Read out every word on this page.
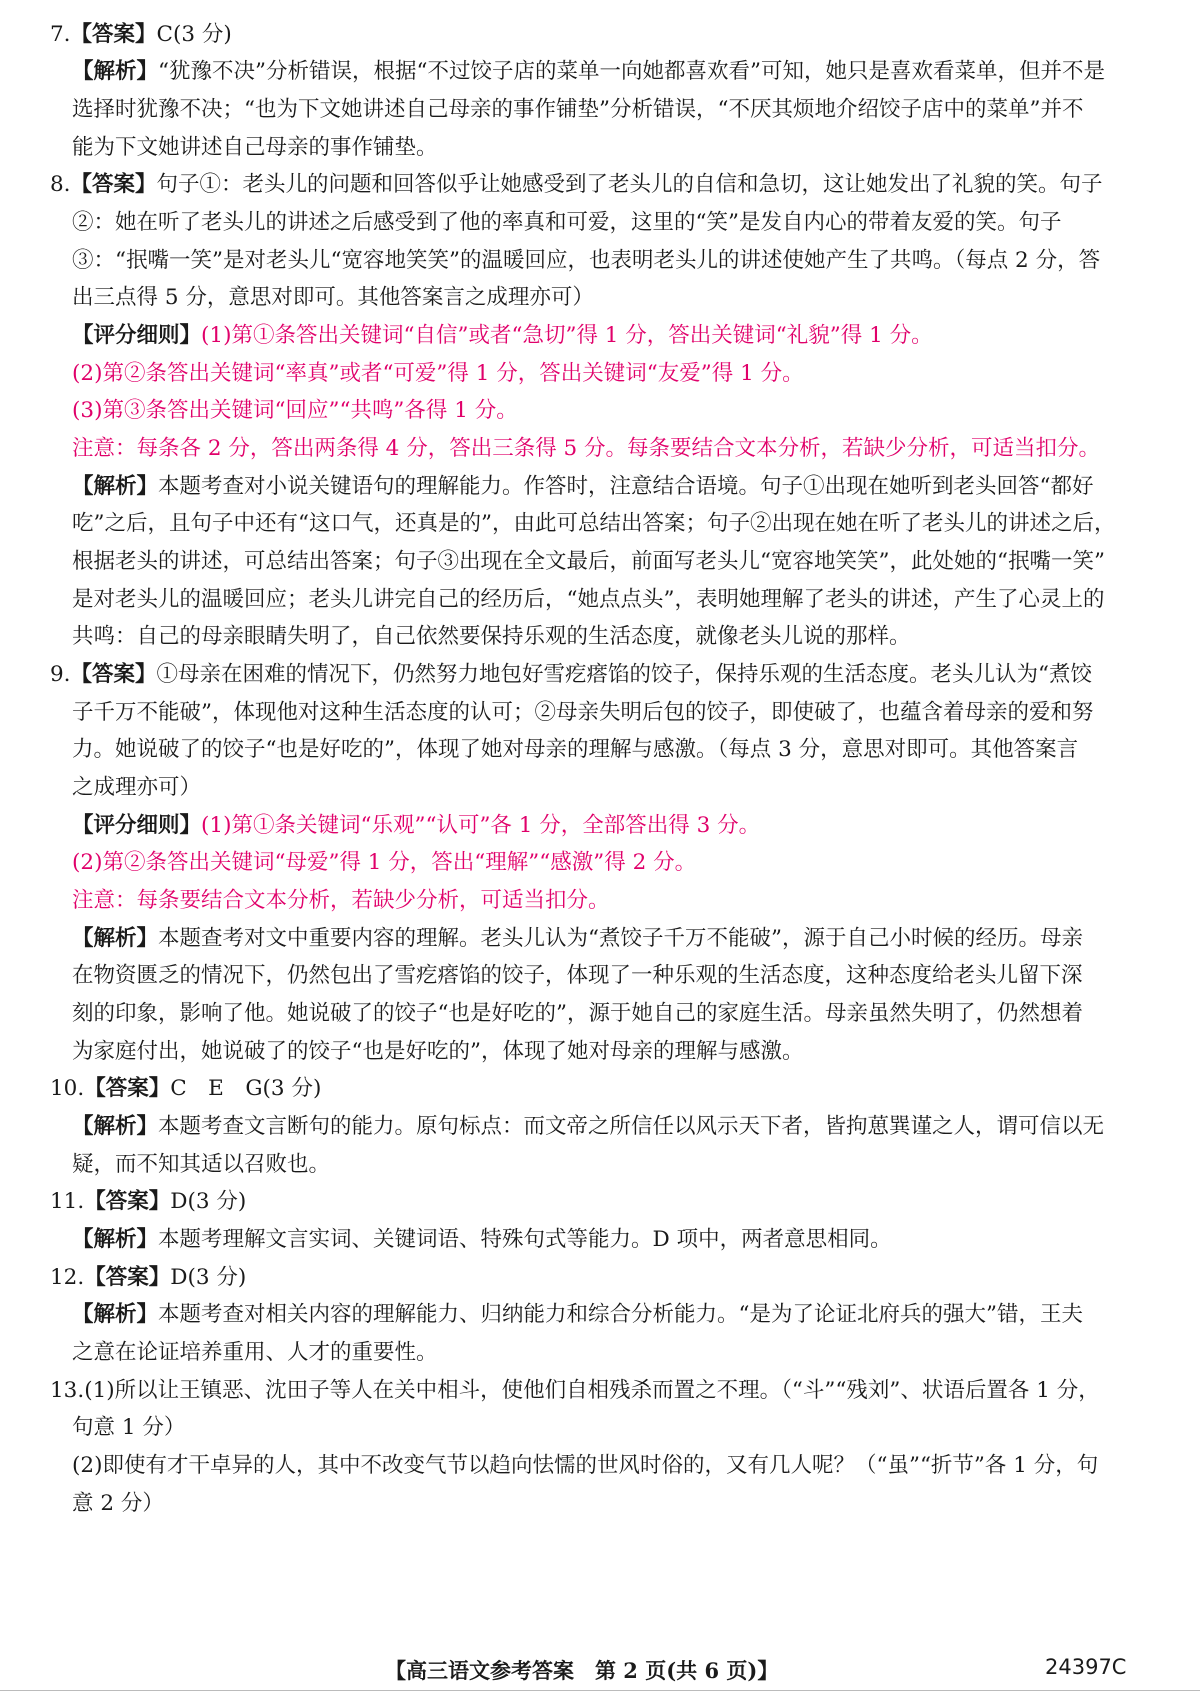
7.【答案】C(3 分)
【解析】“犹豫不决”分析错误，根据“不过饺子店的菜单一向她都喜欢看”可知，她只是喜欢看菜单，但并不是
选择时犹豫不决；“也为下文她讲述自己母亲的事作铺垫”分析错误，“不厌其烦地介绍饺子店中的菜单”并不
能为下文她讲述自己母亲的事作铺垫。
8.【答案】句子①：老头儿的问题和回答似乎让她感受到了老头儿的自信和急切，这让她发出了礼貌的笑。句子
②：她在听了老头儿的讲述之后感受到了他的率真和可爱，这里的“笑”是发自内心的带着友爱的笑。句子
③：“抿嘴一笑”是对老头儿“宽容地笑笑”的温暖回应，也表明老头儿的讲述使她产生了共鸣。（每点 2 分，答
出三点得 5 分，意思对即可。其他答案言之成理亦可）
【评分细则】(1)第①条答出关键词“自信”或者“急切”得 1 分，答出关键词“礼貌”得 1 分。
(2)第②条答出关键词“率真”或者“可爱”得 1 分，答出关键词“友爱”得 1 分。
(3)第③条答出关键词“回应”“共鸣”各得 1 分。
注意：每条各 2 分，答出两条得 4 分，答出三条得 5 分。每条要结合文本分析，若缺少分析，可适当扣分。
【解析】本题考查对小说关键语句的理解能力。作答时，注意结合语境。句子①出现在她听到老头回答“都好
吃”之后，且句子中还有“这口气，还真是的”，由此可总结出答案；句子②出现在她在听了老头儿的讲述之后，
根据老头的讲述，可总结出答案；句子③出现在全文最后，前面写老头儿“宽容地笑笑”，此处她的“抿嘴一笑”
是对老头儿的温暖回应；老头儿讲完自己的经历后，“她点点头”，表明她理解了老头的讲述，产生了心灵上的
共鸣：自己的母亲眼睛失明了，自己依然要保持乐观的生活态度，就像老头儿说的那样。
9.【答案】①母亲在困难的情况下，仍然努力地包好雪疙瘩馅的饺子，保持乐观的生活态度。老头儿认为“煮饺
子千万不能破”，体现他对这种生活态度的认可；②母亲失明后包的饺子，即使破了，也蕴含着母亲的爱和努
力。她说破了的饺子“也是好吃的”，体现了她对母亲的理解与感激。（每点 3 分，意思对即可。其他答案言
之成理亦可）
【评分细则】(1)第①条关键词“乐观”“认可”各 1 分，全部答出得 3 分。
(2)第②条答出关键词“母爱”得 1 分，答出“理解”“感激”得 2 分。
注意：每条要结合文本分析，若缺少分析，可适当扣分。
【解析】本题查考对文中重要内容的理解。老头儿认为“煮饺子千万不能破”，源于自己小时候的经历。母亲
在物资匮乏的情况下，仍然包出了雪疙瘩馅的饺子，体现了一种乐观的生活态度，这种态度给老头儿留下深
刻的印象，影响了他。她说破了的饺子“也是好吃的”，源于她自己的家庭生活。母亲虽然失明了，仍然想着
为家庭付出，她说破了的饺子“也是好吃的”，体现了她对母亲的理解与感激。
10.【答案】C　E　G(3 分)
【解析】本题考查文言断句的能力。原句标点：而文帝之所信任以风示天下者，皆拘葸巽谨之人，谓可信以无
疑，而不知其适以召败也。
11.【答案】D(3 分)
【解析】本题考理解文言实词、关键词语、特殊句式等能力。D 项中，两者意思相同。
12.【答案】D(3 分)
【解析】本题考查对相关内容的理解能力、归纳能力和综合分析能力。“是为了论证北府兵的强大”错，王夫
之意在论证培养重用、人才的重要性。
13.(1)所以让王镇恶、沈田子等人在关中相斗，使他们自相残杀而置之不理。（“斗”“残刘”、状语后置各 1 分，
句意 1 分）
(2)即使有才干卓异的人，其中不改变气节以趋向怯懦的世风时俗的，又有几人呢？（“虽”“折节”各 1 分，句
意 2 分）
【高三语文参考答案　第 2 页(共 6 页)】	24397C
